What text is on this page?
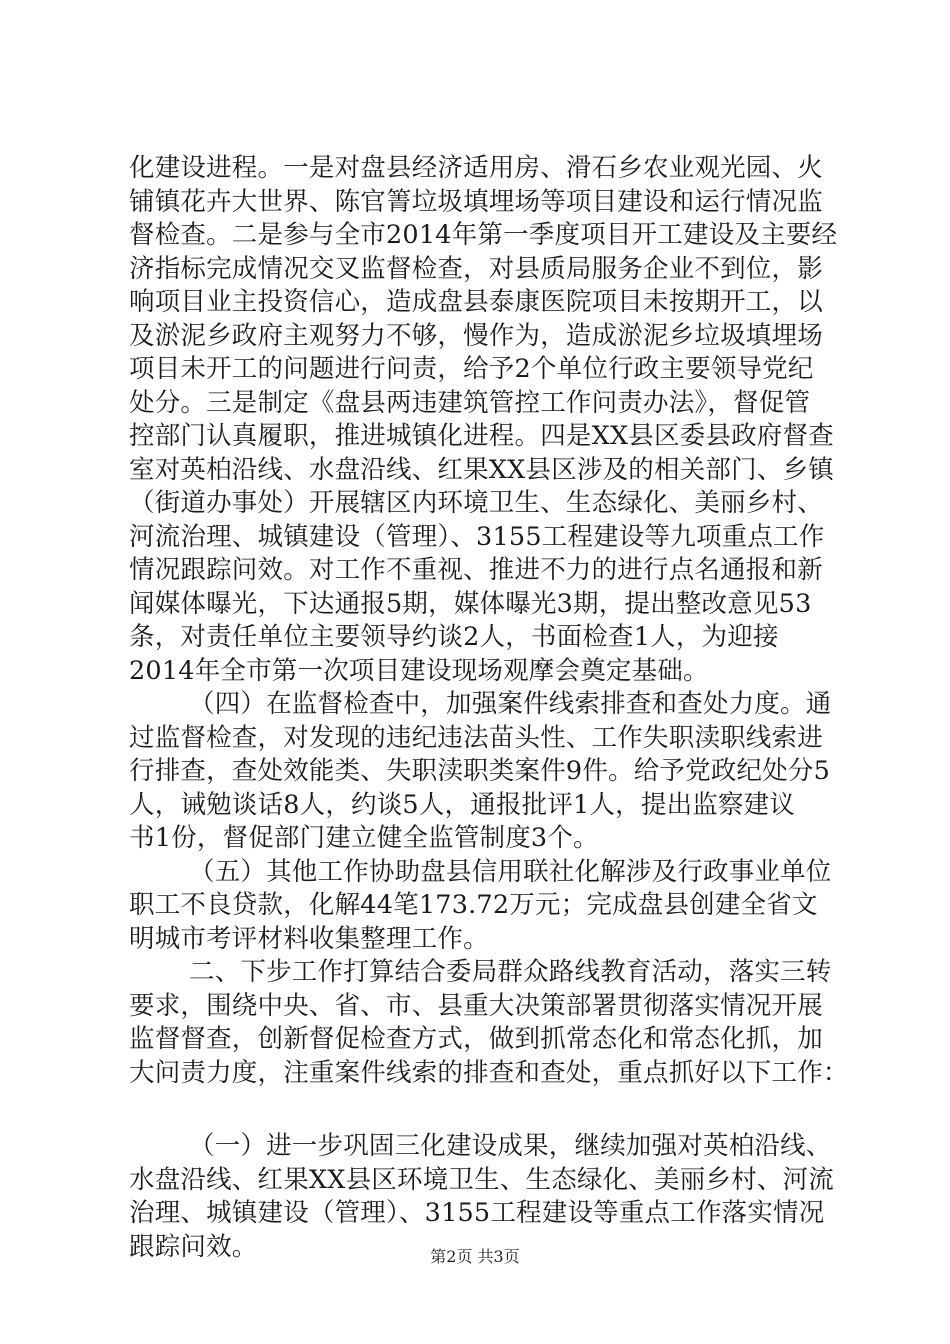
化建设进程。一是对盘县经济适用房、滑石乡农业观光园、火
铺镇花卉大世界、陈官箐垃圾填埋场等项目建设和运行情况监
督检查。二是参与全市2014年第一季度项目开工建设及主要经
济指标完成情况交叉监督检查，对县质局服务企业不到位，影
响项目业主投资信心，造成盘县泰康医院项目未按期开工，以
及淤泥乡政府主观努力不够，慢作为，造成淤泥乡垃圾填埋场
项目未开工的问题进行问责，给予2个单位行政主要领导党纪
处分。三是制定《盘县两违建筑管控工作问责办法》，督促管
控部门认真履职，推进城镇化进程。四是XX县区委县政府督查
室对英柏沿线、水盘沿线、红果XX县区涉及的相关部门、乡镇
（街道办事处）开展辖区内环境卫生、生态绿化、美丽乡村、
河流治理、城镇建设（管理）、3155工程建设等九项重点工作
情况跟踪问效。对工作不重视、推进不力的进行点名通报和新
闻媒体曝光，下达通报5期，媒体曝光3期，提出整改意见53
条，对责任单位主要领导约谈2人，书面检查1人，为迎接
2014年全市第一次项目建设现场观摩会奠定基础。
（四）在监督检查中，加强案件线索排查和查处力度。通
过监督检查，对发现的违纪违法苗头性、工作失职渎职线索进
行排查，查处效能类、失职渎职类案件9件。给予党政纪处分5
人，诫勉谈话8人，约谈5人，通报批评1人，提出监察建议
书1份，督促部门建立健全监管制度3个。
（五）其他工作协助盘县信用联社化解涉及行政事业单位
职工不良贷款，化解44笔173.72万元；完成盘县创建全省文
明城市考评材料收集整理工作。
二、下步工作打算结合委局群众路线教育活动，落实三转
要求，围绕中央、省、市、县重大决策部署贯彻落实情况开展
监督督查，创新督促检查方式，做到抓常态化和常态化抓，加
大问责力度，注重案件线索的排查和查处，重点抓好以下工作：
（一）进一步巩固三化建设成果，继续加强对英柏沿线、
水盘沿线、红果XX县区环境卫生、生态绿化、美丽乡村、河流
治理、城镇建设（管理）、3155工程建设等重点工作落实情况
跟踪问效。	第2页 共3页
